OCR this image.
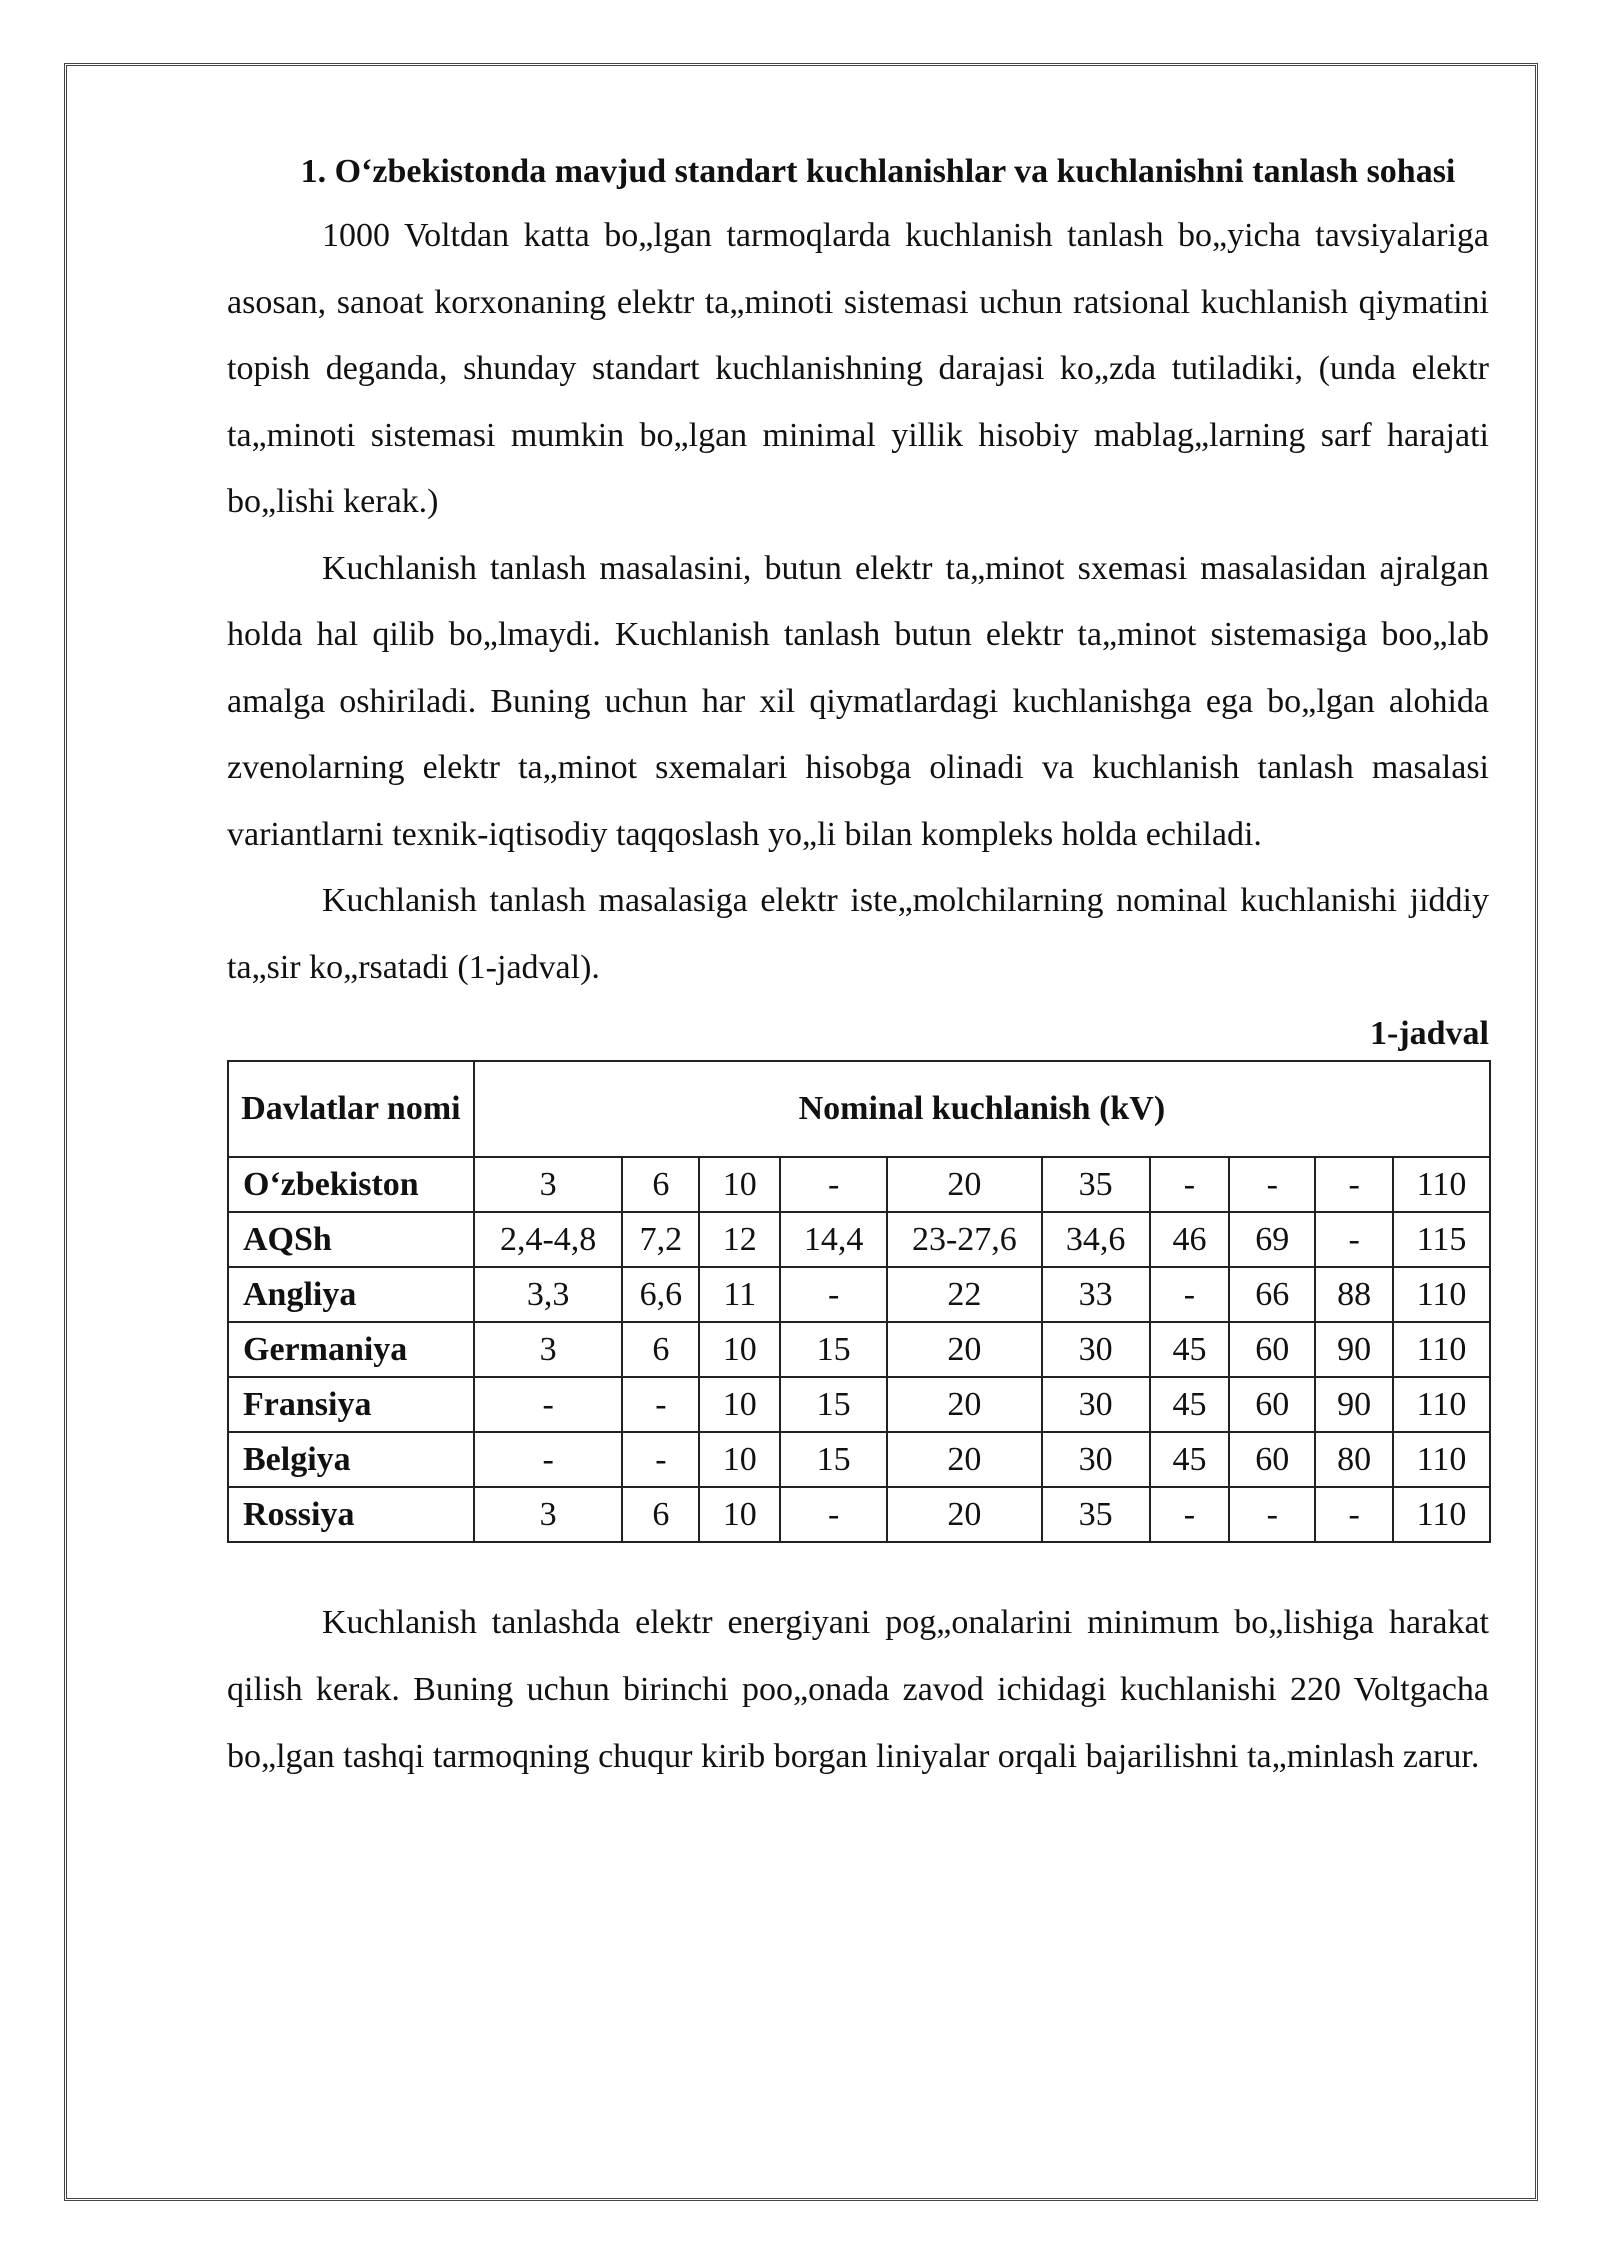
1. O‘zbekistonda mavjud standart kuchlanishlar va kuchlanishni tanlash sohasi

1000 Voltdan katta bo„lgan tarmoqlarda kuchlanish tanlash bo„yicha tavsiyalariga asosan, sanoat korxonaning elektr ta„minoti sistemasi uchun ratsional kuchlanish qiymatini topish deganda, shunday standart kuchlanishning darajasi ko„zda tutiladiki, (unda elektr ta„minoti sistemasi mumkin bo„lgan minimal yillik hisobiy mablag„larning sarf harajati bo„lishi kerak.)

Kuchlanish tanlash masalasini, butun elektr ta„minot sxemasi masalasidan ajralgan holda hal qilib bo„lmaydi. Kuchlanish tanlash butun elektr ta„minot sistemasiga boo„lab amalga oshiriladi. Buning uchun har xil qiymatlardagi kuchlanishga ega bo„lgan alohida zvenolarning elektr ta„minot sxemalari hisobga olinadi va kuchlanish tanlash masalasi variantlarni texnik-iqtisodiy taqqoslash yo„li bilan kompleks holda echiladi.

Kuchlanish tanlash masalasiga elektr iste„molchilarning nominal kuchlanishi jiddiy ta„sir ko„rsatadi (1-jadval).

1-jadval
Davlatlar nomi	Nominal kuchlanish (kV)									
O‘zbekiston	3	6	10	-	20	35	-	-	-	110
AQSh	2,4-4,8	7,2	12	14,4	23-27,6	34,6	46	69	-	115
Angliya	3,3	6,6	11	-	22	33	-	66	88	110
Germaniya	3	6	10	15	20	30	45	60	90	110
Fransiya	-	-	10	15	20	30	45	60	90	110
Belgiya	-	-	10	15	20	30	45	60	80	110
Rossiya	3	6	10	-	20	35	-	-	-	110

Kuchlanish tanlashda elektr energiyani pog„onalarini minimum bo„lishiga harakat qilish kerak. Buning uchun birinchi poo„onada zavod ichidagi kuchlanishi 220 Voltgacha bo„lgan tashqi tarmoqning chuqur kirib borgan liniyalar orqali bajarilishni ta„minlash zarur.
